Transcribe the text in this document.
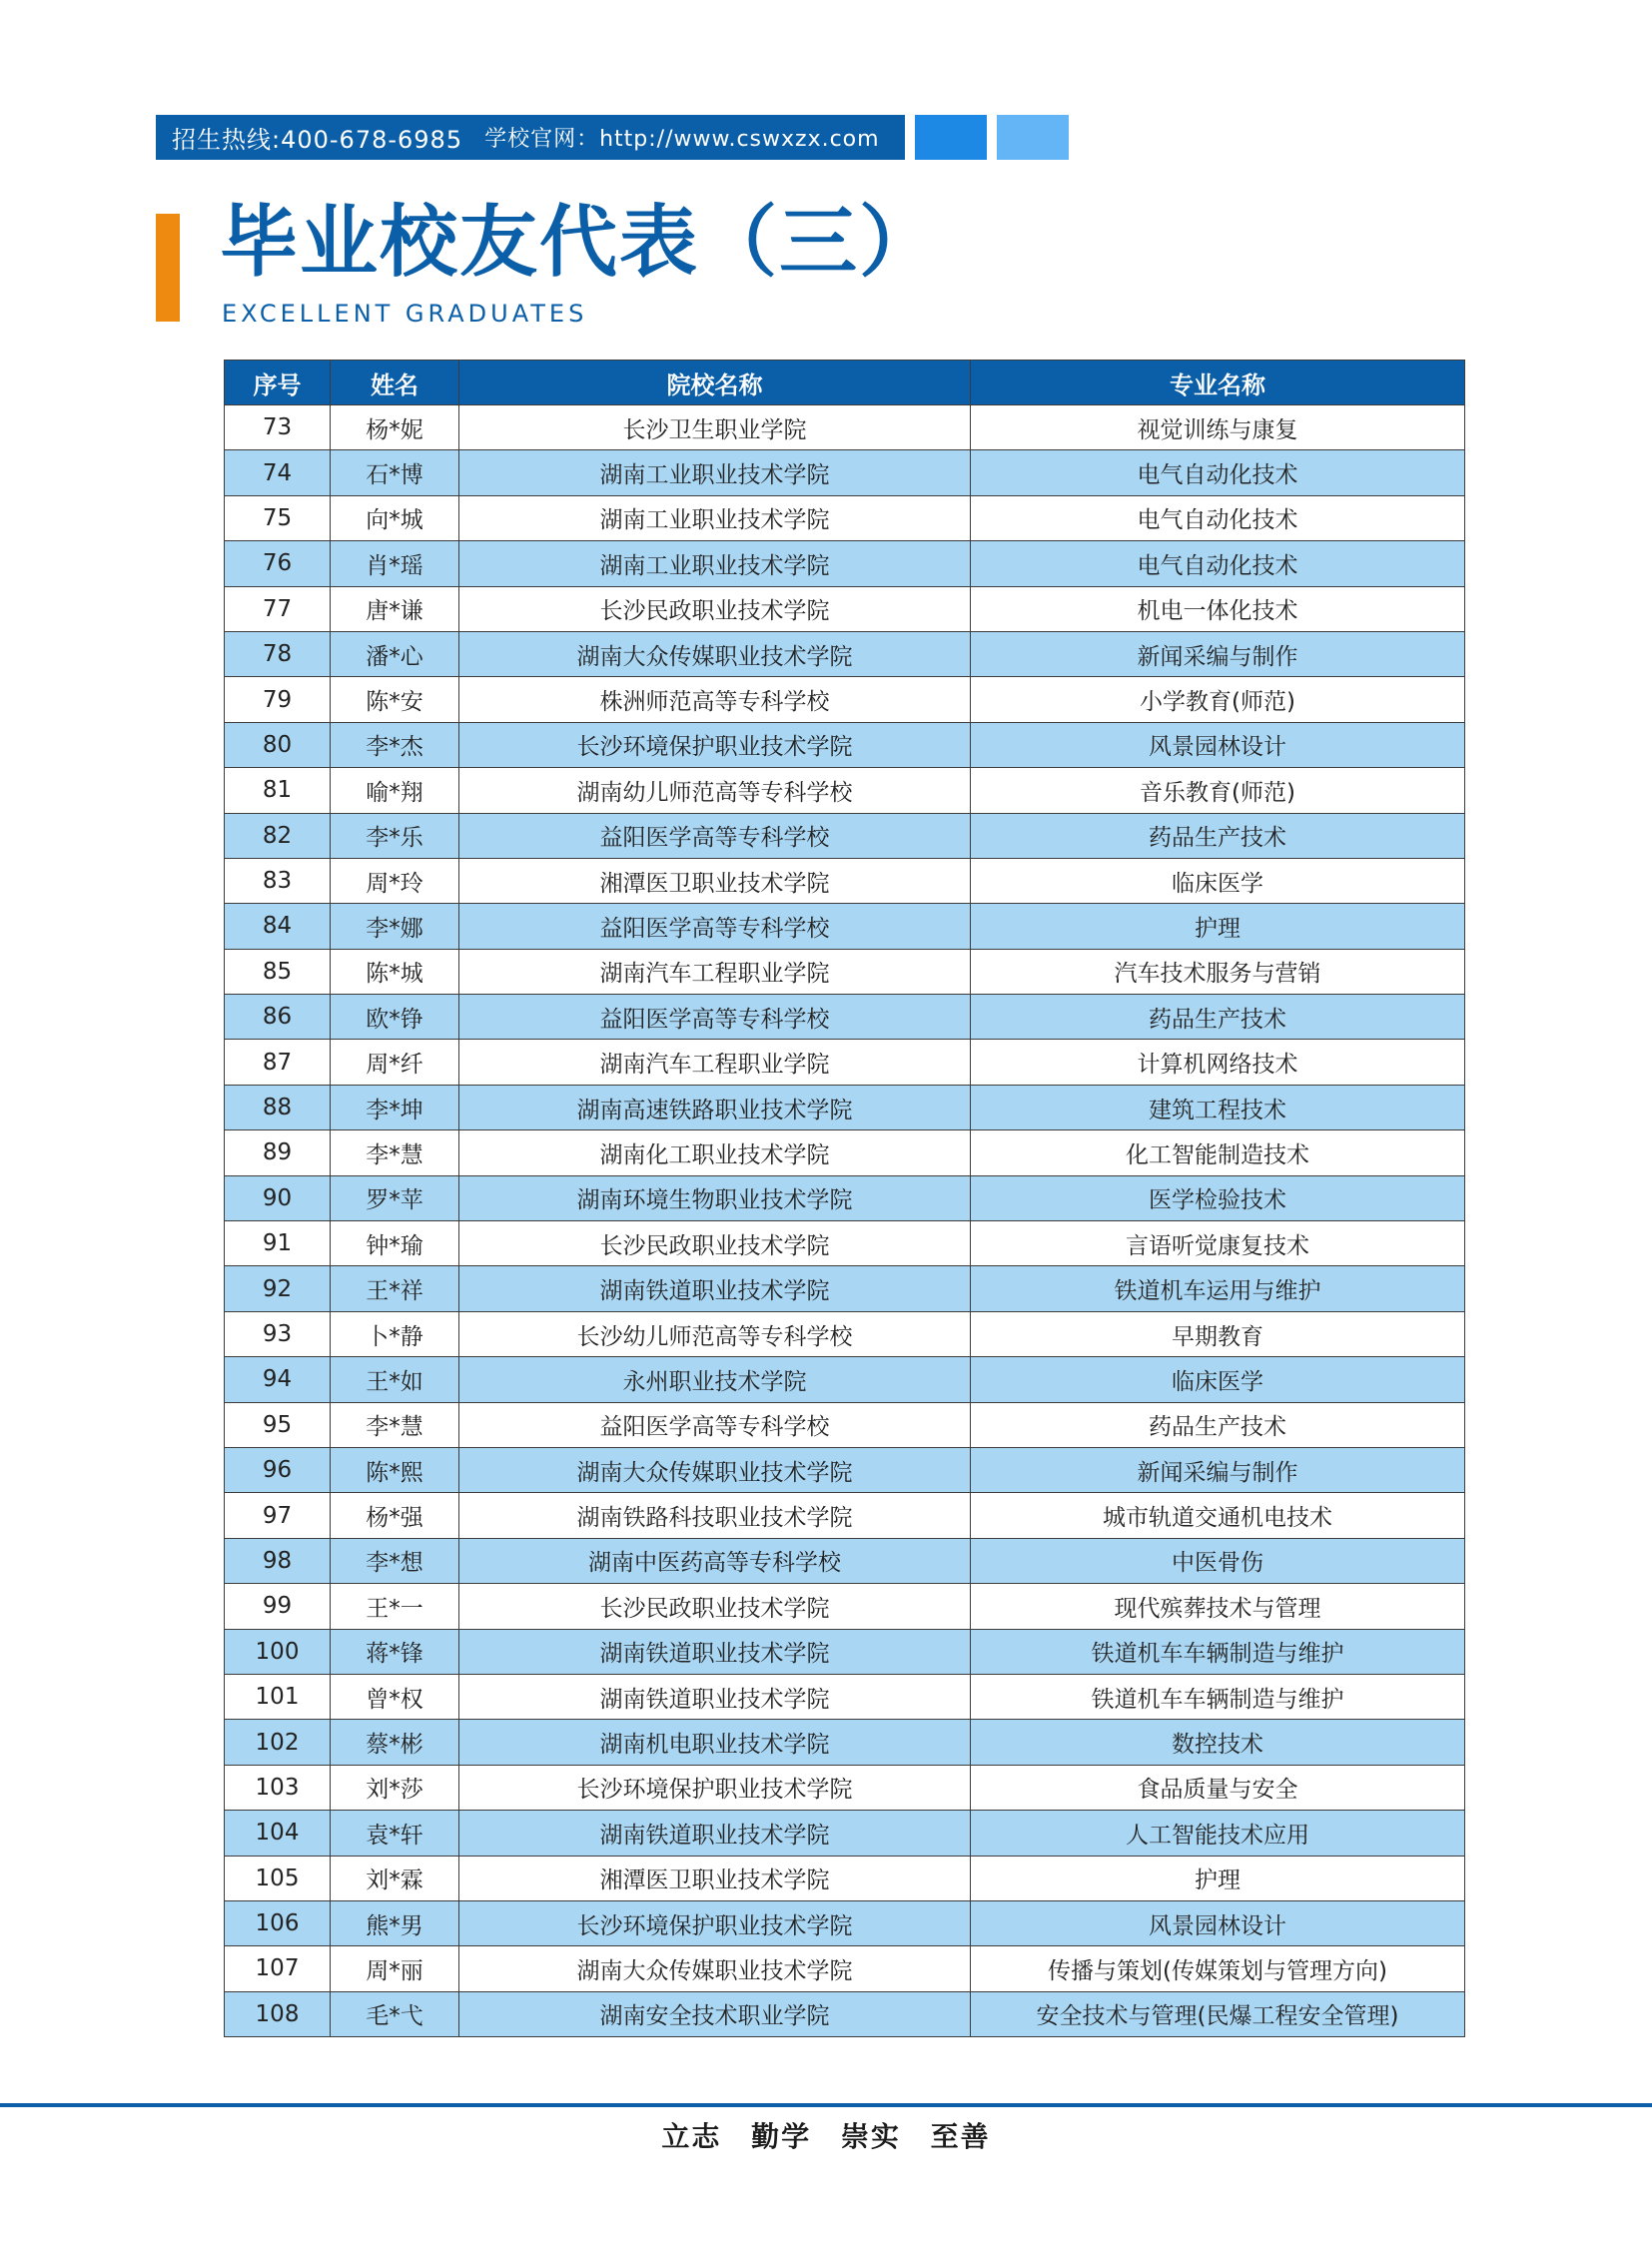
招生热线:400-678-6985 学校官网：http://www.cswxzx.com
毕业校友代表（三）
EXCELLENT GRADUATES
序号	姓名	院校名称	专业名称
73	杨*妮	长沙卫生职业学院	视觉训练与康复
74	石*博	湖南工业职业技术学院	电气自动化技术
75	向*城	湖南工业职业技术学院	电气自动化技术
76	肖*瑶	湖南工业职业技术学院	电气自动化技术
77	唐*谦	长沙民政职业技术学院	机电一体化技术
78	潘*心	湖南大众传媒职业技术学院	新闻采编与制作
79	陈*安	株洲师范高等专科学校	小学教育(师范)
80	李*杰	长沙环境保护职业技术学院	风景园林设计
81	喻*翔	湖南幼儿师范高等专科学校	音乐教育(师范)
82	李*乐	益阳医学高等专科学校	药品生产技术
83	周*玲	湘潭医卫职业技术学院	临床医学
84	李*娜	益阳医学高等专科学校	护理
85	陈*城	湖南汽车工程职业学院	汽车技术服务与营销
86	欧*铮	益阳医学高等专科学校	药品生产技术
87	周*纤	湖南汽车工程职业学院	计算机网络技术
88	李*坤	湖南高速铁路职业技术学院	建筑工程技术
89	李*慧	湖南化工职业技术学院	化工智能制造技术
90	罗*苹	湖南环境生物职业技术学院	医学检验技术
91	钟*瑜	长沙民政职业技术学院	言语听觉康复技术
92	王*祥	湖南铁道职业技术学院	铁道机车运用与维护
93	卜*静	长沙幼儿师范高等专科学校	早期教育
94	王*如	永州职业技术学院	临床医学
95	李*慧	益阳医学高等专科学校	药品生产技术
96	陈*熙	湖南大众传媒职业技术学院	新闻采编与制作
97	杨*强	湖南铁路科技职业技术学院	城市轨道交通机电技术
98	李*想	湖南中医药高等专科学校	中医骨伤
99	王*一	长沙民政职业技术学院	现代殡葬技术与管理
100	蒋*锋	湖南铁道职业技术学院	铁道机车车辆制造与维护
101	曾*权	湖南铁道职业技术学院	铁道机车车辆制造与维护
102	蔡*彬	湖南机电职业技术学院	数控技术
103	刘*莎	长沙环境保护职业技术学院	食品质量与安全
104	袁*轩	湖南铁道职业技术学院	人工智能技术应用
105	刘*霖	湘潭医卫职业技术学院	护理
106	熊*男	长沙环境保护职业技术学院	风景园林设计
107	周*丽	湖南大众传媒职业技术学院	传播与策划(传媒策划与管理方向)
108	毛*弋	湖南安全技术职业学院	安全技术与管理(民爆工程安全管理)
立志 勤学 崇实 至善
